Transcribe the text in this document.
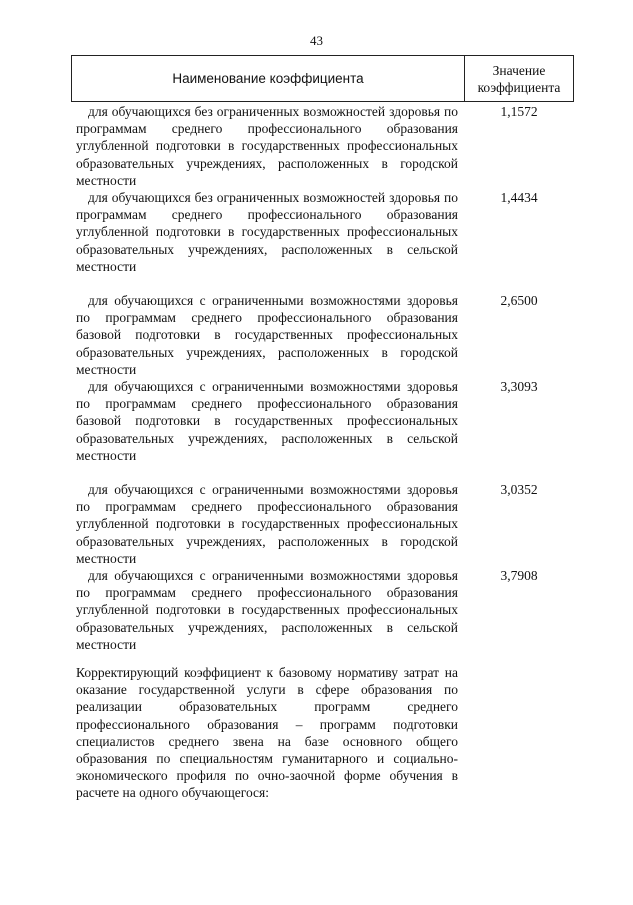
43
Наименование коэффициента
Значение
коэффициента
для обучающихся без ограниченных возможностей здоровья по программам среднего профессионального образования углубленной подготовки в государственных профессиональных образовательных учреждениях, расположенных в городской местности
1,1572
для обучающихся без ограниченных возможностей здоровья по программам среднего профессионального образования углубленной подготовки в государственных профессиональных образовательных учреждениях, расположенных в сельской местности
1,4434
для обучающихся с ограниченными возможностями здоровья по программам среднего профессионального образования базовой подготовки в государственных профессиональных образовательных учреждениях, расположенных в городской местности
2,6500
для обучающихся с ограниченными возможностями здоровья по программам среднего профессионального образования базовой подготовки в государственных профессиональных образовательных учреждениях, расположенных в сельской местности
3,3093
для обучающихся с ограниченными возможностями здоровья по программам среднего профессионального образования углубленной подготовки в государственных профессиональных образовательных учреждениях, расположенных в городской местности
3,0352
для обучающихся с ограниченными возможностями здоровья по программам среднего профессионального образования углубленной подготовки в государственных профессиональных образовательных учреждениях, расположенных в сельской местности
3,7908
Корректирующий коэффициент к базовому нормативу затрат на оказание государственной услуги в сфере образования по реализации образовательных программ среднего профессионального образования – программ подготовки специалистов среднего звена на базе основного общего образования по специальностям гуманитарного и социально-экономического профиля по очно-заочной форме обучения в расчете на одного обучающегося:
